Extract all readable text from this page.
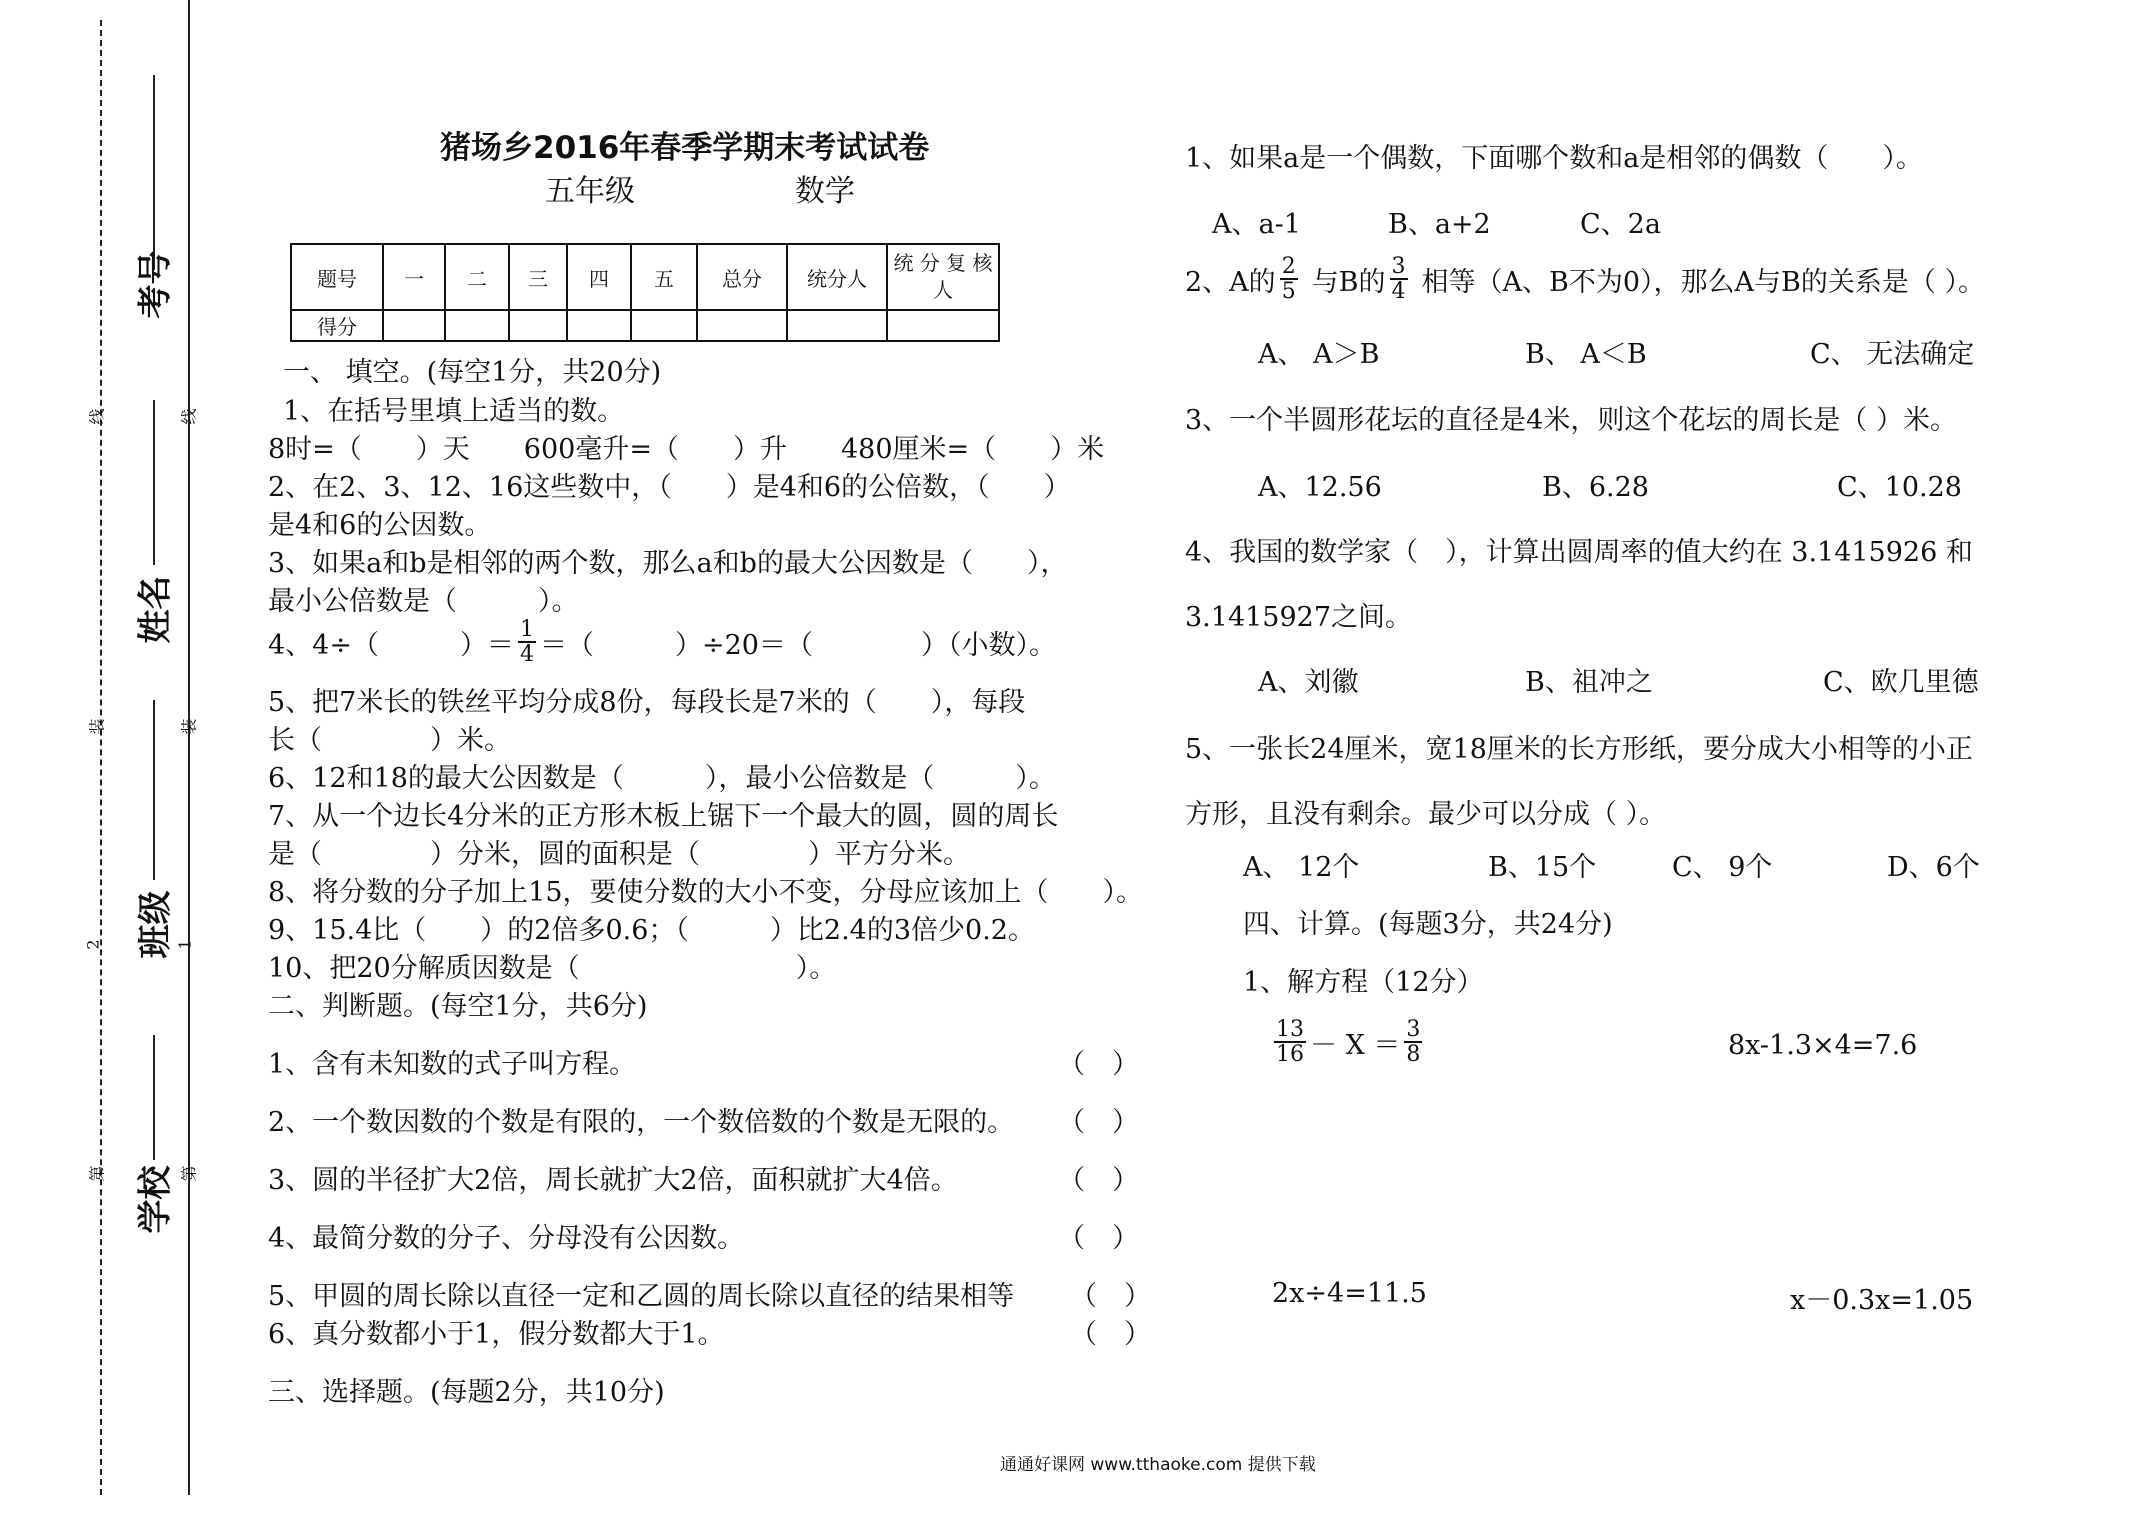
考号
姓名
班级
学校
线
装
2
第
线
装
1
第
猪场乡2016年春季学期末考试试卷
五年级	数学
题号	一	二	三	四	五	总分	统分人	统 分 复 核人
得分								
一、 填空。(每空1分，共20分)
1、在括号里填上适当的数。
8时=（　　）天　　600毫升=（　　）升　　480厘米=（　　）米
2、在2、3、12、16这些数中，（　　）是4和6的公倍数，（　　）
是4和6的公因数。
3、如果a和b是相邻的两个数，那么a和b的最大公因数是（　　），
最小公倍数是（　　　）。
4、4÷（　　　）＝ $\frac{1}{4}$ ＝（　　　）÷20＝（　　　　）（小数）。
5、把7米长的铁丝平均分成8份，每段长是7米的（　　），每段
长（　　　　）米。
6、12和18的最大公因数是（　　　），最小公倍数是（　　　）。
7、从一个边长4分米的正方形木板上锯下一个最大的圆，圆的周长
是（　　　　）分米，圆的面积是（　　　　）平方分米。
8、将分数的分子加上15，要使分数的大小不变，分母应该加上（　　）。
9、15.4比（　　）的2倍多0.6；（　　　）比2.4的3倍少0.2。
10、把20分解质因数是（　　　　　　　　）。
二、判断题。(每空1分，共6分)
1、含有未知数的式子叫方程。	（　）
2、一个数因数的个数是有限的，一个数倍数的个数是无限的。 （　）
3、圆的半径扩大2倍，周长就扩大2倍，面积就扩大4倍。	（　）
4、最简分数的分子、分母没有公因数。	（　）
5、甲圆的周长除以直径一定和乙圆的周长除以直径的结果相等 （　）
6、真分数都小于1，假分数都大于1。	（　）
三、选择题。(每题2分，共10分)
1、如果a是一个偶数，下面哪个数和a是相邻的偶数（　　）。
A、a-1	B、a+2	C、2a
2、A的 $\frac{2}{5}$ 与B的 $\frac{3}{4}$ 相等（A、B不为0），那么A与B的关系是（ ）。
A、 A＞B	B、 A＜B	C、 无法确定
3、一个半圆形花坛的直径是4米，则这个花坛的周长是（ ）米。
A、12.56	B、6.28	C、10.28
4、我国的数学家（　），计算出圆周率的值大约在 3.1415926 和
3.1415927之间。
A、刘徽	B、祖冲之	C、欧几里德
5、一张长24厘米，宽18厘米的长方形纸，要分成大小相等的小正
方形，且没有剩余。最少可以分成（ ）。
A、 12个	B、15个	C、 9个	D、6个
四、计算。(每题3分，共24分)
1、解方程（12分）
$\frac{13}{16} - X = \frac{3}{8}$	8x-1.3×4=7.6
2x÷4=11.5	x－0.3x=1.05
通通好课网 www.tthaoke.com 提供下载
